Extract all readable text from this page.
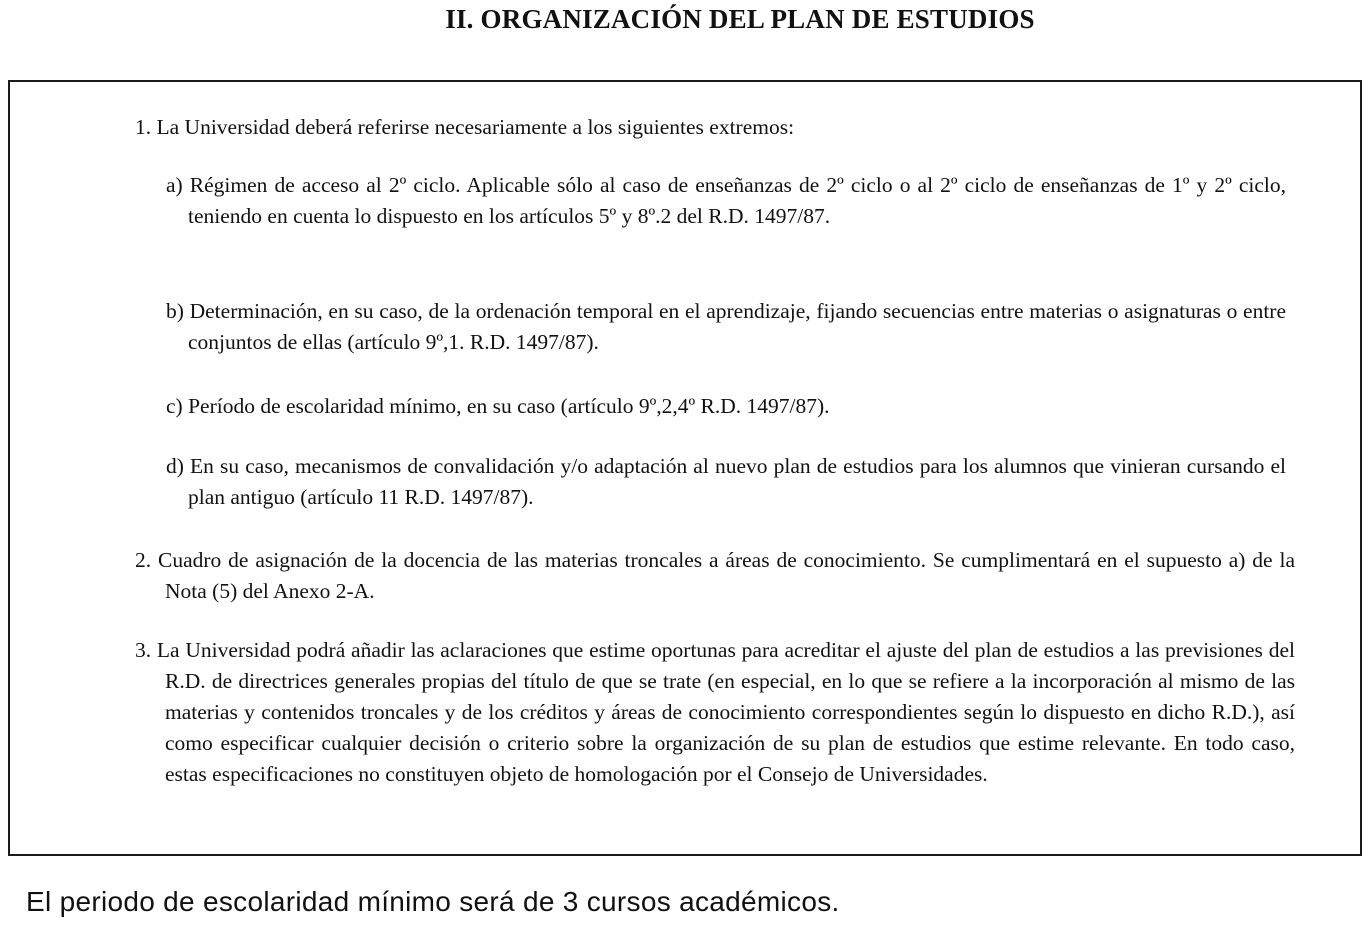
II. ORGANIZACIÓN DEL PLAN DE ESTUDIOS
1. La Universidad deberá referirse necesariamente a los siguientes extremos:
a) Régimen de acceso al 2º ciclo. Aplicable sólo al caso de enseñanzas de 2º ciclo o al 2º ciclo de enseñanzas de 1º y 2º ciclo, teniendo en cuenta lo dispuesto en los artículos 5º y 8º.2 del R.D. 1497/87.
b) Determinación, en su caso, de la ordenación temporal en el aprendizaje, fijando secuencias entre materias o asignaturas o entre conjuntos de ellas (artículo 9º,1. R.D. 1497/87).
c) Período de escolaridad mínimo, en su caso (artículo 9º,2,4º R.D. 1497/87).
d) En su caso, mecanismos de convalidación y/o adaptación al nuevo plan de estudios para los alumnos que vinieran cursando el plan antiguo (artículo 11 R.D. 1497/87).
2. Cuadro de asignación de la docencia de las materias troncales a áreas de conocimiento. Se cumplimentará en el supuesto a) de la Nota (5) del Anexo 2-A.
3. La Universidad podrá añadir las aclaraciones que estime oportunas para acreditar el ajuste del plan de estudios a las previsiones del R.D. de directrices generales propias del título de que se trate (en especial, en lo que se refiere a la incorporación al mismo de las materias y contenidos troncales y de los créditos y áreas de conocimiento correspondientes según lo dispuesto en dicho R.D.), así como especificar cualquier decisión o criterio sobre la organización de su plan de estudios que estime relevante. En todo caso, estas especificaciones no constituyen objeto de homologación por el Consejo de Universidades.
El periodo de escolaridad mínimo será de 3 cursos académicos.
